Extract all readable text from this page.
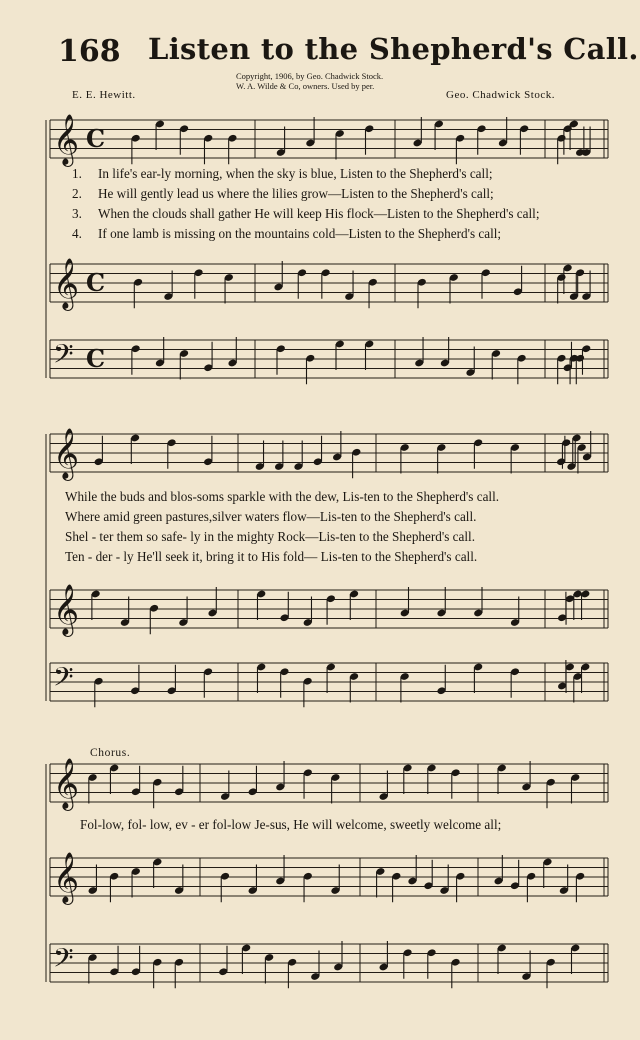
𝄞 C
𝄞 C
𝄢 C
𝄞
𝄞
𝄢
𝄞
𝄞
𝄢
168 Listen to the Shepherd's Call.
Copyright, 1906, by Geo. Chadwick Stock.
W. A. Wilde & Co, owners. Used by per.
E. E. Hewitt.	Geo. Chadwick Stock.
1. In life's ear-ly morning, when the sky is blue, Listen to the Shepherd's call;
2. He will gently lead us where the lilies grow—Listen to the Shepherd's call;
3. When the clouds shall gather He will keep His flock—Listen to the Shepherd's call;
4. If one lamb is missing on the mountains cold—Listen to the Shepherd's call;
While the buds and blos-soms sparkle with the dew, Lis-ten to the Shepherd's call.
Where amid green pastures,silver waters flow—Lis-ten to the Shepherd's call.
Shel - ter them so safe- ly in the mighty Rock—Lis-ten to the Shepherd's call.
Ten - der - ly He'll seek it, bring it to His fold— Lis-ten to the Shepherd's call.
Chorus.
Fol-low, fol- low, ev - er fol-low Je-sus, He will welcome, sweetly welcome all;
